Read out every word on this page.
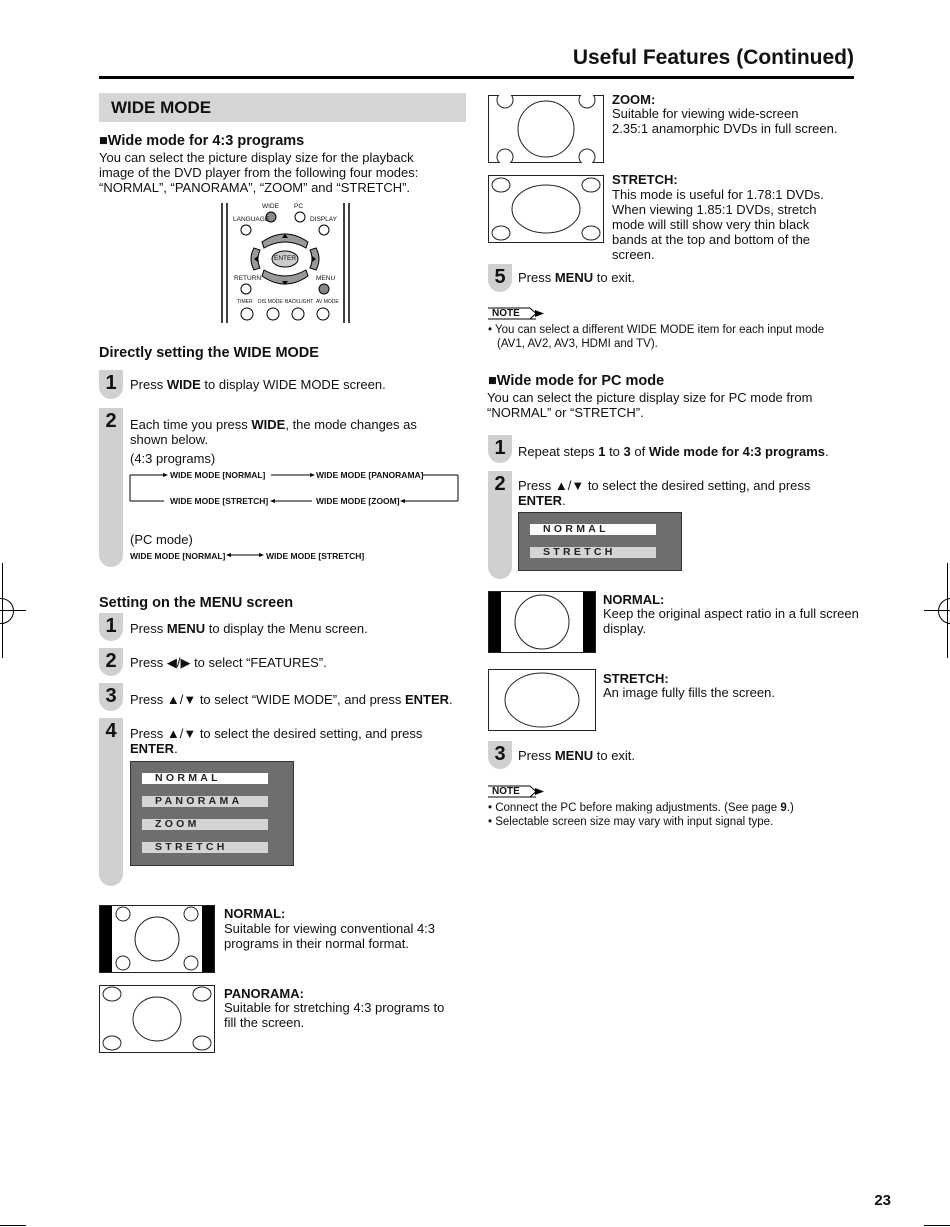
Useful Features (Continued)
WIDE MODE
■Wide mode for 4:3 programs
You can select the picture display size for the playback
image of the DVD player from the following four modes:
“NORMAL”, “PANORAMA”, “ZOOM” and “STRETCH”.
WIDE PC
LANGUAGE	DISPLAY
ENTER
RETURN	MENU
TIMER DIS MODE BACKLIGHT AV MODE
Directly setting the WIDE MODE
1	Press WIDE to display WIDE MODE screen.
2	Each time you press WIDE, the mode changes as
shown below.
(4:3 programs)
WIDE MODE [NORMAL]	WIDE MODE [PANORAMA]
WIDE MODE [STRETCH]	WIDE MODE [ZOOM]
(PC mode)
WIDE MODE [NORMAL]	WIDE MODE [STRETCH]
Setting on the MENU screen
1	Press MENU to display the Menu screen.
2	Press ◀/▶ to select “FEATURES”.
3	Press ▲/▼ to select “WIDE MODE”, and press ENTER.
4	Press ▲/▼ to select the desired setting, and press
ENTER.
NORMAL
PANORAMA
ZOOM
STRETCH
NORMAL:
Suitable for viewing conventional 4:3
programs in their normal format.
PANORAMA:
Suitable for stretching 4:3 programs to
fill the screen.
ZOOM:
Suitable for viewing wide-screen
2.35:1 anamorphic DVDs in full screen.
STRETCH:
This mode is useful for 1.78:1 DVDs.
When viewing 1.85:1 DVDs, stretch
mode will still show very thin black
bands at the top and bottom of the
screen.
5 Press MENU to exit.
NOTE
• You can select a different WIDE MODE item for each input mode
(AV1, AV2, AV3, HDMI and TV).
■Wide mode for PC mode
You can select the picture display size for PC mode from
“NORMAL” or “STRETCH”.
1 Repeat steps 1 to 3 of Wide mode for 4:3 programs.
2 Press ▲/▼ to select the desired setting, and press
ENTER.
NORMAL
STRETCH
NORMAL:
Keep the original aspect ratio in a full screen
display.
STRETCH:
An image fully fills the screen.
3 Press MENU to exit.
NOTE
• Connect the PC before making adjustments. (See page 9.)
• Selectable screen size may vary with input signal type.
23
